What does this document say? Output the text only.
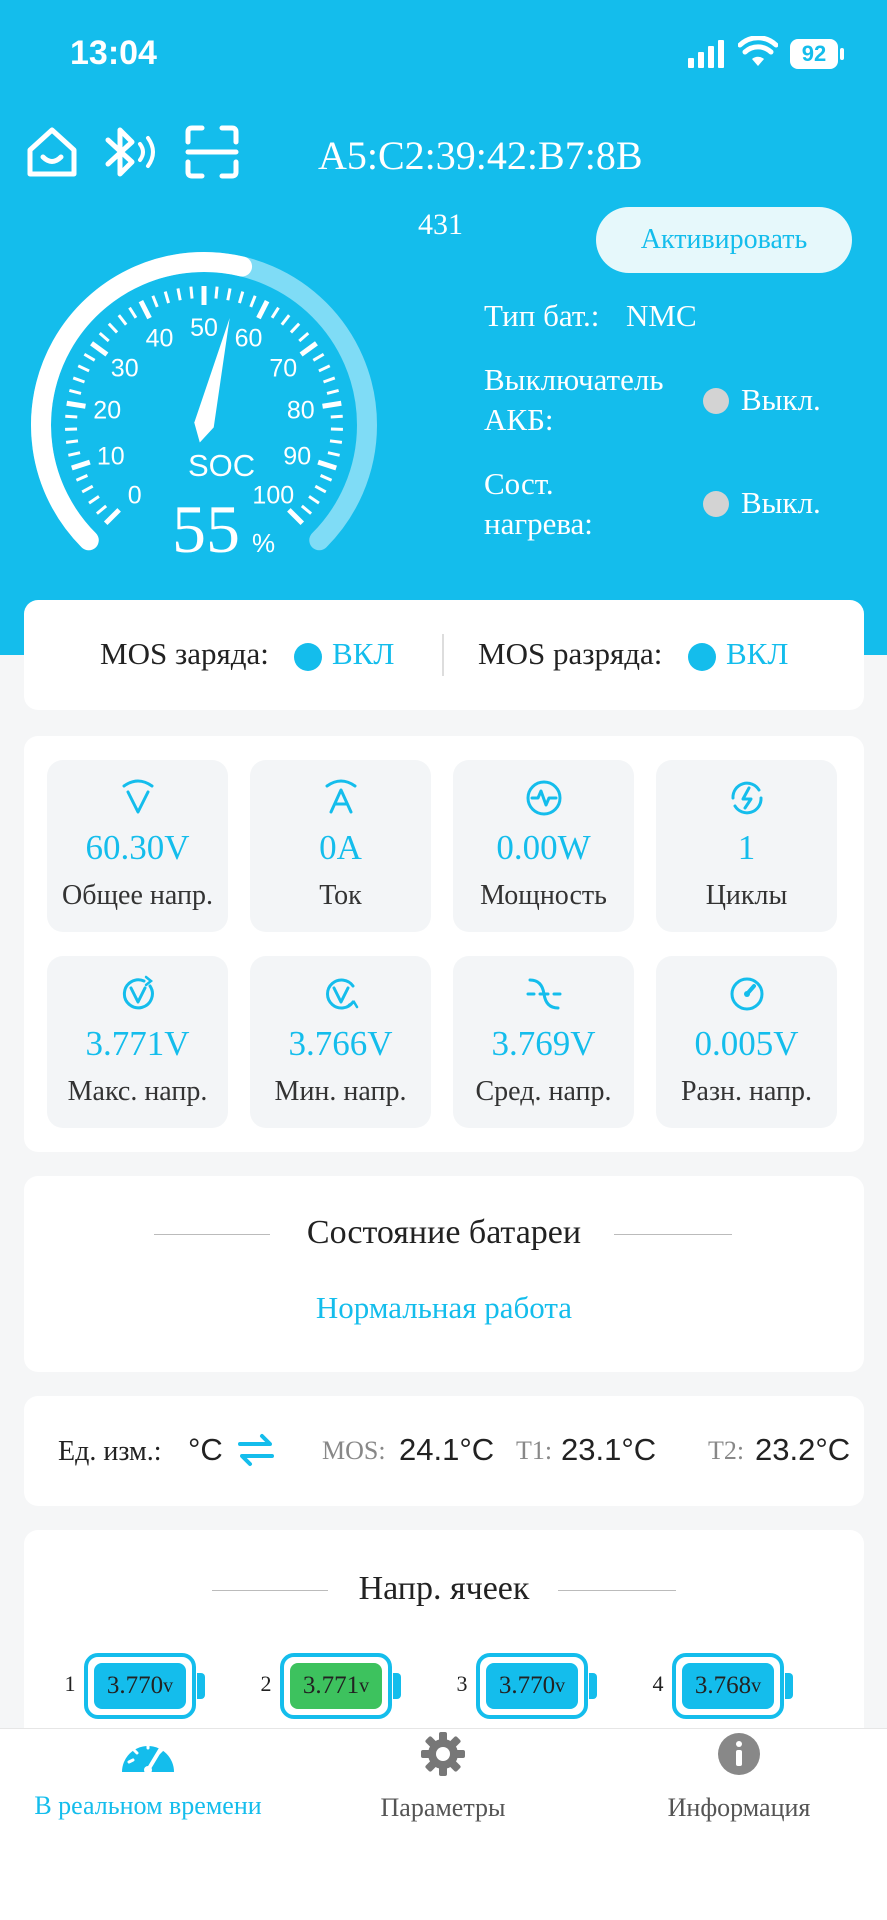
13:04	92
A5:C2:39:42:B7:8B
431	Активировать
0
10
20
30
40 50 60
70
80
90
100
SOC
55 %
Тип бат.: NMC
Выключатель
АКБ:
Выкл.
Сост.
нагрева:
Выкл.
MOS заряда: ВКЛ	MOS разряда: ВКЛ
60.30V
Общее напр.
0A
Ток
0.00W
Мощность
1
Циклы
3.771V
Макс. напр.
3.766V
Мин. напр.
3.769V
Сред. напр.
0.005V
Разн. напр.
Состояние батареи
Нормальная работа
Ед. изм.: °C	MOS: 24.1°C T1: 23.1°C T2: 23.2°C
Напр. ячеек
1 3.770 v	2 3.771 v	3 3.770 v	4 3.768 v
В реальном времени	Параметры	Информация
